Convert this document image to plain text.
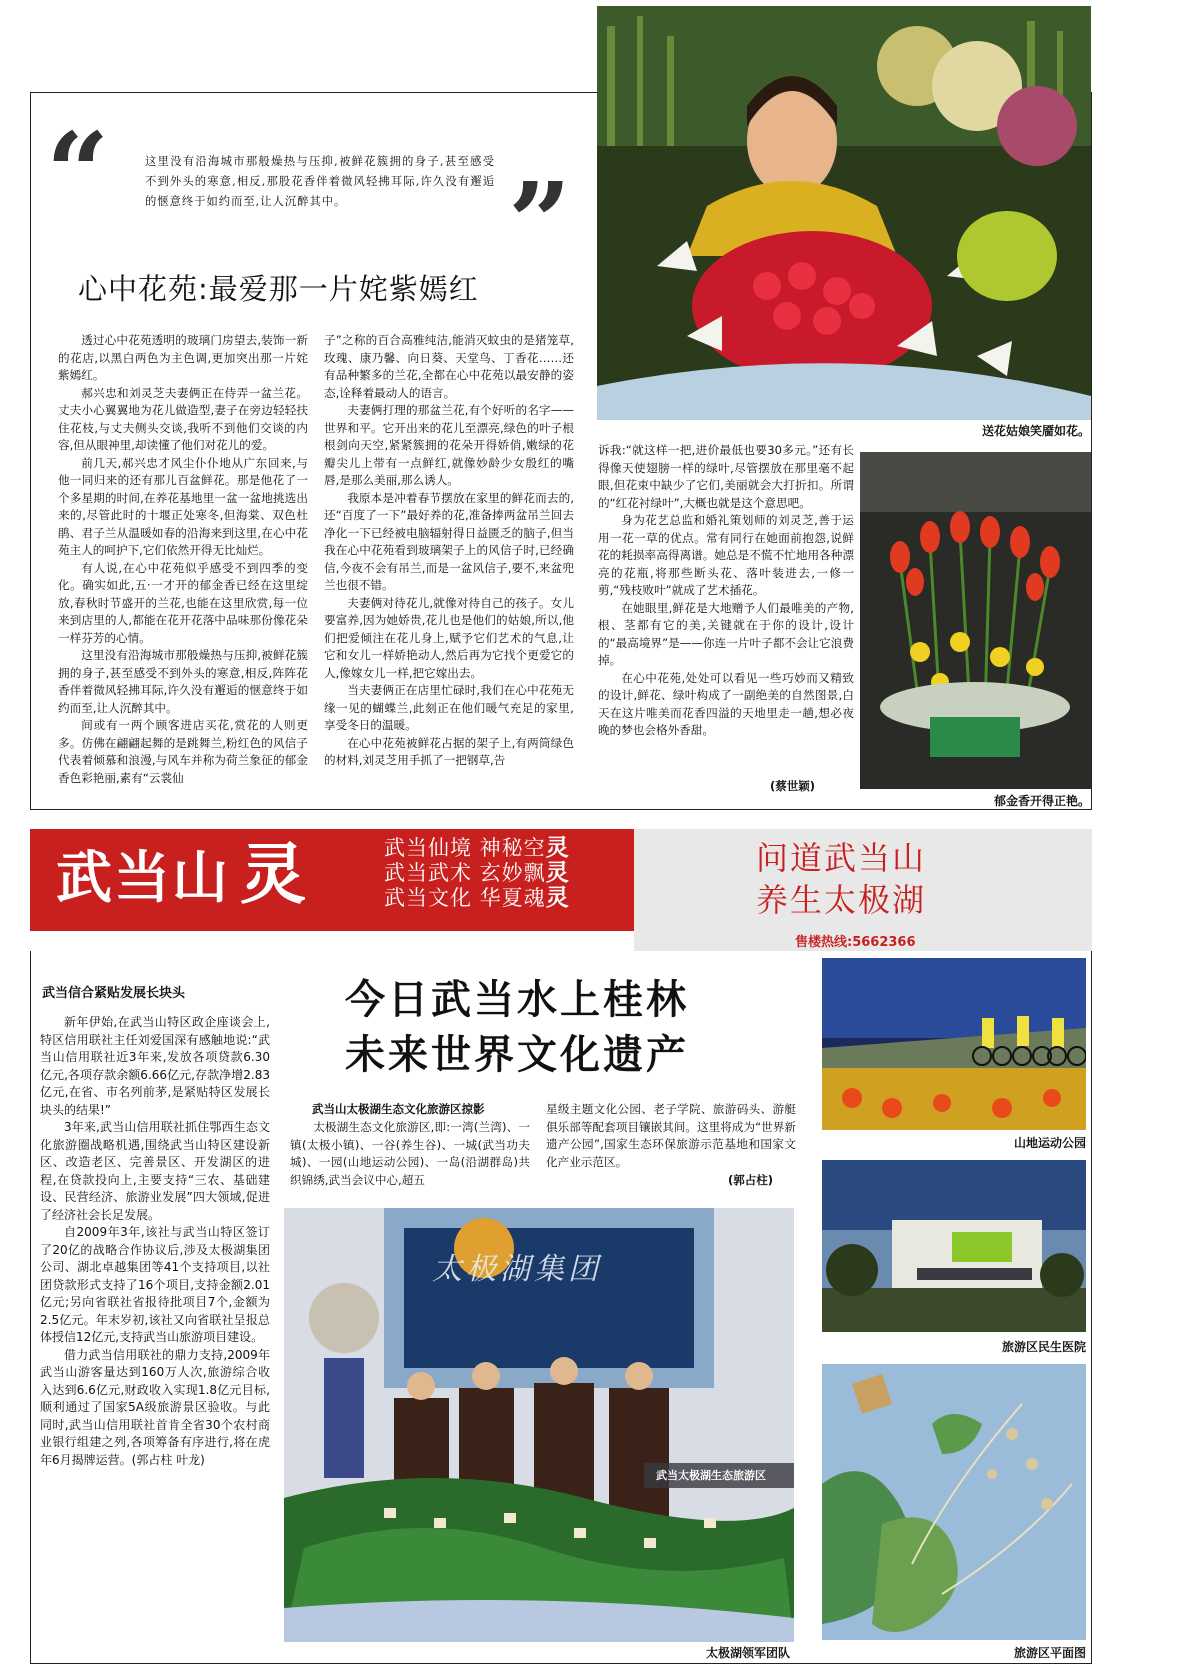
“	”
这里没有沿海城市那般燥热与压抑,被鲜花簇拥的身子,甚至感受不到外头的寒意,相反,那股花香伴着微风轻拂耳际,许久没有邂逅的惬意终于如约而至,让人沉醉其中。
心中花苑:最爱那一片姹紫嫣红

透过心中花苑透明的玻璃门房望去,装饰一新的花店,以黑白两色为主色调,更加突出那一片姹紫嫣红。

郝兴忠和刘灵芝夫妻俩正在侍弄一盆兰花。丈夫小心翼翼地为花儿做造型,妻子在旁边轻轻扶住花枝,与丈夫侧头交谈,我听不到他们交谈的内容,但从眼神里,却读懂了他们对花儿的爱。

前几天,郝兴忠才风尘仆仆地从广东回来,与他一同归来的还有那儿百盆鲜花。那是他花了一个多星期的时间,在养花基地里一盆一盆地挑选出来的,尽管此时的十堰正处寒冬,但海棠、双色杜鹃、君子兰从温暖如春的沿海来到这里,在心中花苑主人的呵护下,它们依然开得无比灿烂。

有人说,在心中花苑似乎感受不到四季的变化。确实如此,五·一才开的郁金香已经在这里绽放,春秋时节盛开的兰花,也能在这里欣赏,每一位来到店里的人,都能在花开花落中品味那份像花朵一样芬芳的心情。

这里没有沿海城市那般燥热与压抑,被鲜花簇拥的身子,甚至感受不到外头的寒意,相反,阵阵花香伴着微风轻拂耳际,许久没有邂逅的惬意终于如约而至,让人沉醉其中。

间或有一两个顾客进店买花,赏花的人则更多。仿佛在翩翩起舞的是跳舞兰,粉红色的风信子代表着倾慕和浪漫,与风车并称为荷兰象征的郁金香色彩艳丽,素有“云裳仙

子”之称的百合高雅纯洁,能消灭蚊虫的是猪笼草,玫瑰、康乃馨、向日葵、天堂鸟、丁香花……还有品种繁多的兰花,全都在心中花苑以最安静的姿态,诠释着最动人的语言。

夫妻俩打理的那盆兰花,有个好听的名字——世界和平。它开出来的花儿至漂亮,绿色的叶子根根剑向天空,紧紧簇拥的花朵开得娇俏,嫩绿的花瓣尖儿上带有一点鲜红,就像妙龄少女殷红的嘴唇,是那么美丽,那么诱人。

我原本是冲着春节摆放在家里的鲜花而去的,还“百度了一下”最好养的花,准备捧两盆吊兰回去净化一下已经被电脑辐射得日益匮乏的脑子,但当我在心中花苑看到玻璃架子上的风信子时,已经确信,今夜不会有吊兰,而是一盆风信子,要不,来盆兜兰也很不错。

夫妻俩对待花儿,就像对待自己的孩子。女儿要富养,因为她娇贵,花儿也是他们的姑娘,所以,他们把爱倾注在花儿身上,赋予它们艺术的气息,让它和女儿一样娇艳动人,然后再为它找个更爱它的人,像嫁女儿一样,把它嫁出去。

当夫妻俩正在店里忙碌时,我们在心中花苑无缘一见的蝴蝶兰,此刻正在他们暖气充足的家里,享受冬日的温暖。

在心中花苑被鲜花占据的架子上,有两筒绿色的材料,刘灵芝用手抓了一把钢草,告

诉我:“就这样一把,进价最低也要30多元。”还有长得像天使翅膀一样的绿叶,尽管摆放在那里毫不起眼,但花束中缺少了它们,美丽就会大打折扣。所谓的“红花衬绿叶”,大概也就是这个意思吧。

身为花艺总监和婚礼策划师的刘灵芝,善于运用一花一草的优点。常有同行在她面前抱怨,说鲜花的耗损率高得离谱。她总是不慌不忙地用各种漂亮的花瓶,将那些断头花、落叶装进去,一修一剪,“残枝败叶”就成了艺术插花。

在她眼里,鲜花是大地赠予人们最唯美的产物,根、茎都有它的美,关键就在于你的设计,设计的“最高境界”是——你连一片叶子都不会让它浪费掉。

在心中花苑,处处可以看见一些巧妙而又精致的设计,鲜花、绿叶构成了一副绝美的自然图景,白天在这片唯美而花香四溢的天地里走一趟,想必夜晚的梦也会格外香甜。

(蔡世颖)
送花姑娘笑靥如花。
郁金香开得正艳。
武当山 灵	武当仙境 神秘空灵
武当武术 玄妙飘灵
武当文化 华夏魂灵
创世界知名风景区  建中国山水园林城	咨询电话:0719-5665396  5668567
问道武当山
养生太极湖
售楼热线:5662366
武当信合紧贴发展长块头

新年伊始,在武当山特区政企座谈会上,特区信用联社主任刘爱国深有感触地说:“武当山信用联社近3年来,发放各项贷款6.30亿元,各项存款余额6.66亿元,存款净增2.83亿元,在省、市名列前茅,是紧贴特区发展长块头的结果!”

3年来,武当山信用联社抓住鄂西生态文化旅游圈战略机遇,围绕武当山特区建设新区、改造老区、完善景区、开发湖区的进程,在贷款投向上,主要支持“三农、基础建设、民营经济、旅游业发展”四大领域,促进了经济社会长足发展。

自2009年3年,该社与武当山特区签订了20亿的战略合作协议后,涉及太极湖集团公司、湖北卓越集团等41个支持项目,以社团贷款形式支持了16个项目,支持金额2.01亿元;另向省联社省报待批项目7个,金额为2.5亿元。年末岁初,该社又向省联社呈报总体授信12亿元,支持武当山旅游项目建设。

借力武当信用联社的鼎力支持,2009年武当山游客量达到160万人次,旅游综合收入达到6.6亿元,财政收入实现1.8亿元目标,顺利通过了国家5A级旅游景区验收。与此同时,武当山信用联社首肯全省30个农村商业银行组建之列,各项筹备有序进行,将在虎年6月揭牌运营。(郭占柱 叶龙)

今日武当水上桂林
未来世界文化遗产
武当山太极湖生态文化旅游区掠影
太极湖生态文化旅游区,即:一湾(兰湾)、一镇(太极小镇)、一谷(养生谷)、一城(武当功夫城)、一园(山地运动公园)、一岛(沿湖群岛)共织锦绣,武当会议中心,超五
星级主题文化公园、老子学院、旅游码头、游艇俱乐部等配套项目镶嵌其间。这里将成为“世界新遗产公园”,国家生态环保旅游示范基地和国家文化产业示范区。
(郭占柱)
太极湖集团
武当太极湖生态旅游区
太极湖领军团队
山地运动公园
旅游区民生医院
旅游区平面图
